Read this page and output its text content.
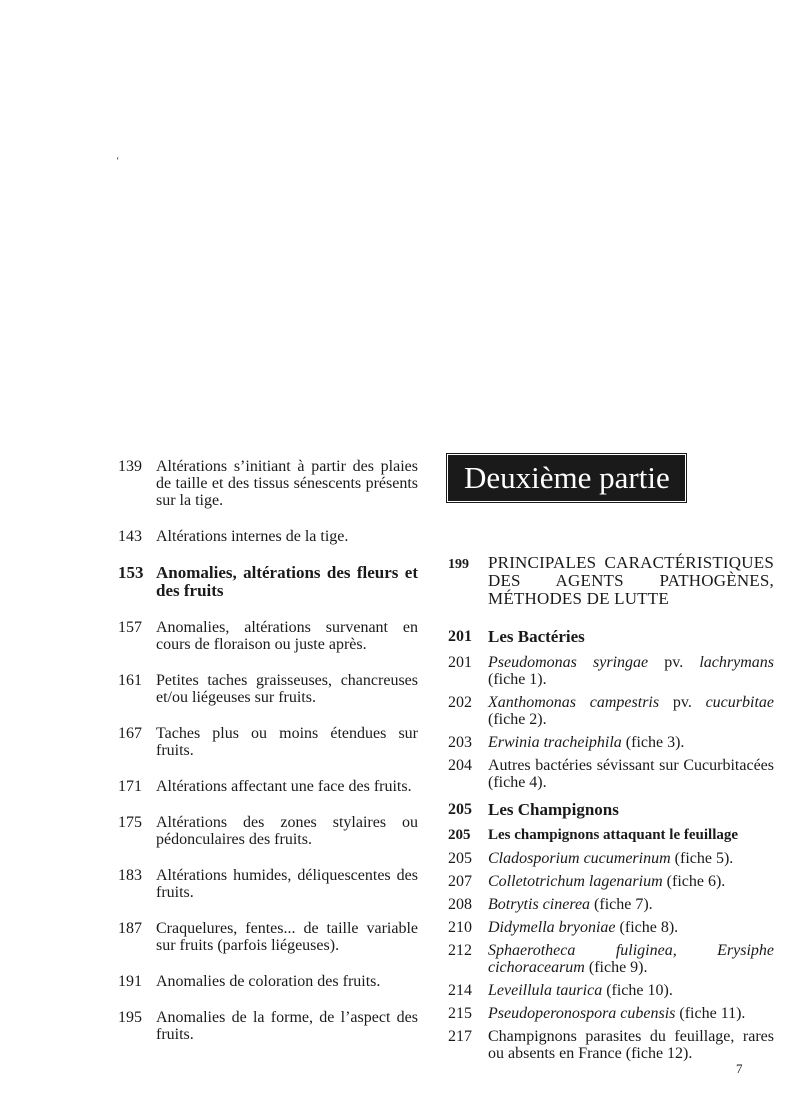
‘
139 Altérations s’initiant à partir des plaies de taille et des tissus sénescents présents sur la tige.
143 Altérations internes de la tige.
153 Anomalies, altérations des fleurs et des fruits
157 Anomalies, altérations survenant en cours de floraison ou juste après.
161 Petites taches graisseuses, chancreuses et/ou liégeuses sur fruits.
167 Taches plus ou moins étendues sur fruits.
171 Altérations affectant une face des fruits.
175 Altérations des zones stylaires ou pédonculaires des fruits.
183 Altérations humides, déliquescentes des fruits.
187 Craquelures, fentes... de taille variable sur fruits (parfois liégeuses).
191 Anomalies de coloration des fruits.
195 Anomalies de la forme, de l’aspect des fruits.
Deuxième partie
199	PRINCIPALES CARACTÉRISTIQUES DES AGENTS PATHOGÈNES, MÉTHODES DE LUTTE
201 Les Bactéries
201	Pseudomonas syringae pv. lachrymans (fiche 1).
202	Xanthomonas campestris pv. cucurbitae (fiche 2).
203	Erwinia tracheiphila (fiche 3).
204	Autres bactéries sévissant sur Cucurbitacées (fiche 4).
205 Les Champignons
205	Les champignons attaquant le feuillage
205	Cladosporium cucumerinum (fiche 5).
207	Colletotrichum lagenarium (fiche 6).
208	Botrytis cinerea (fiche 7).
210	Didymella bryoniae (fiche 8).
212	Sphaerotheca fuliginea, Erysiphe cichoracearum (fiche 9).
214	Leveillula taurica (fiche 10).
215	Pseudoperonospora cubensis (fiche 11).
217	Champignons parasites du feuillage, rares ou absents en France (fiche 12).
7
